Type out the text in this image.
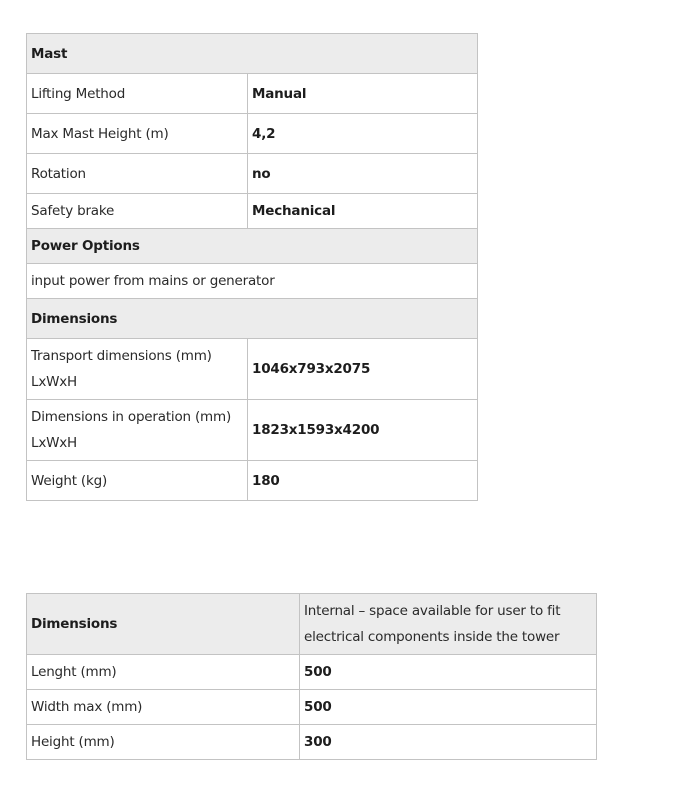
Mast	
Lifting Method	Manual
Max Mast Height (m)	4,2
Rotation	no
Safety brake	Mechanical
Power Options	
input power from mains or generator	
Dimensions	

Transport dimensions (mm)
LxWxH	1046x793x2075

Dimensions in operation (mm)
LxWxH	1823x1593x4200
Weight (kg)	180
Dimensions	Internal – space available for user to fit electrical components inside the tower
Lenght (mm)	500
Width max (mm)	500
Height (mm)	300
